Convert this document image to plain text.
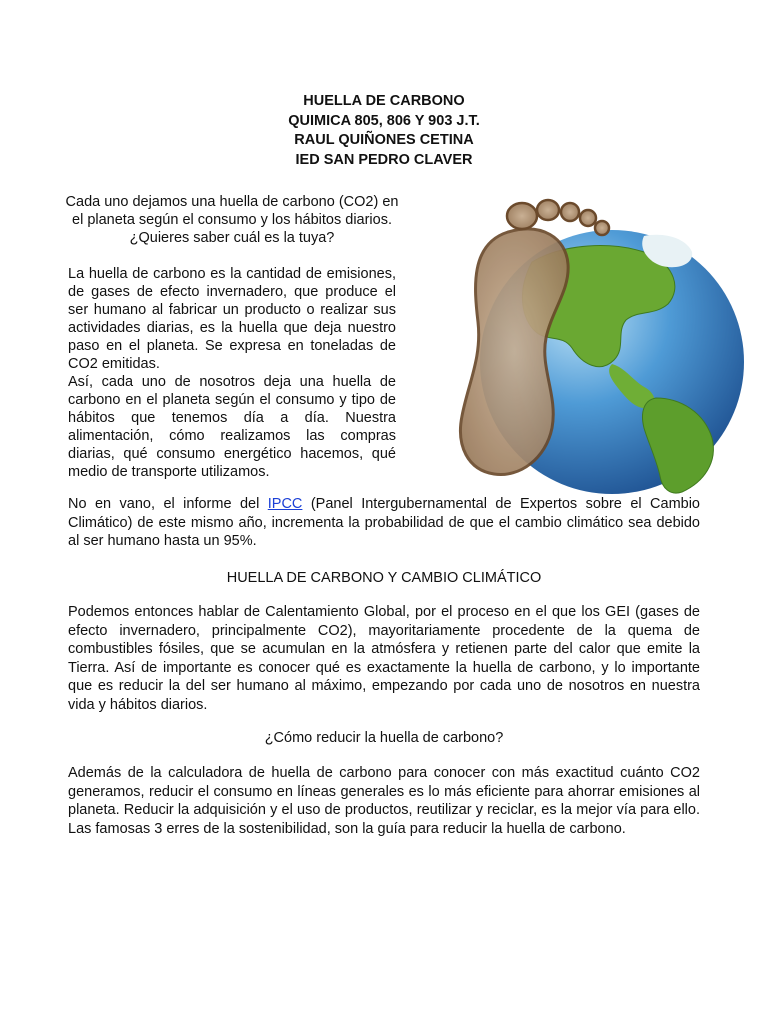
HUELLA DE CARBONO
QUIMICA 805, 806 Y 903 J.T.
RAUL QUIÑONES CETINA
IED SAN PEDRO CLAVER
Cada uno dejamos una huella de carbono (CO2) en el planeta según el consumo y los hábitos diarios. ¿Quieres saber cuál es la tuya?

La huella de carbono es la cantidad de emisiones, de gases de efecto invernadero, que produce el ser humano al fabricar un producto o realizar sus actividades diarias, es la huella que deja nuestro paso en el planeta. Se expresa en toneladas de CO2 emitidas.

Así, cada uno de nosotros deja una huella de carbono en el planeta según el consumo y tipo de hábitos que tenemos día a día. Nuestra alimentación, cómo realizamos las compras diarias, qué consumo energético hacemos, qué medio de transporte utilizamos.

No en vano, el informe del IPCC (Panel Intergubernamental de Expertos sobre el Cambio Climático) de este mismo año, incrementa la probabilidad de que el cambio climático sea debido al ser humano hasta un 95%.
HUELLA DE CARBONO Y CAMBIO CLIMÁTICO
Podemos entonces hablar de Calentamiento Global, por el proceso en el que los GEI (gases de efecto invernadero, principalmente CO2), mayoritariamente procedente de la quema de combustibles fósiles, que se acumulan en la atmósfera y retienen parte del calor que emite la Tierra. Así de importante es conocer qué es exactamente la huella de carbono, y lo importante que es reducir la del ser humano al máximo, empezando por cada uno de nosotros en nuestra vida y hábitos diarios.
¿Cómo reducir la huella de carbono?
Además de la calculadora de huella de carbono para conocer con más exactitud cuánto CO2 generamos, reducir el consumo en líneas generales es lo más eficiente para ahorrar emisiones al planeta. Reducir la adquisición y el uso de productos, reutilizar y reciclar, es la mejor vía para ello. Las famosas 3 erres de la sostenibilidad, son la guía para reducir la huella de carbono.
